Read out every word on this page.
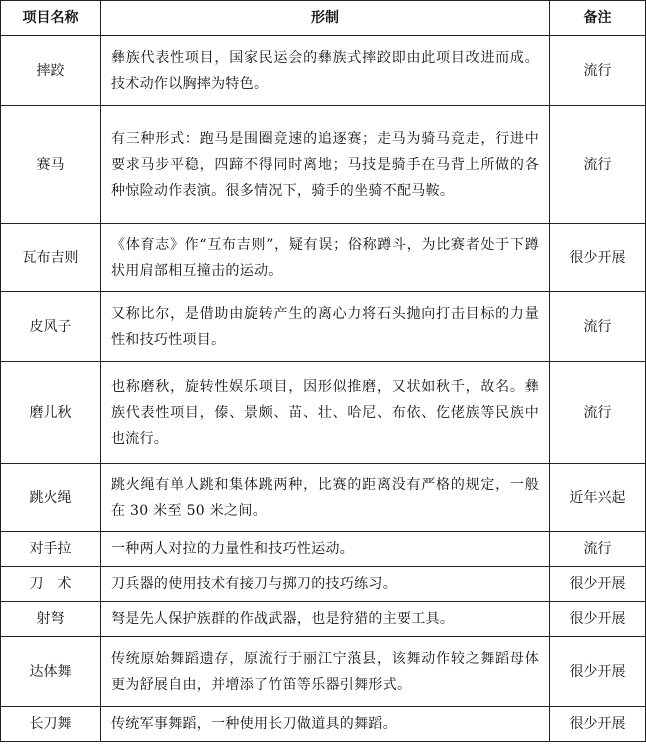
项目名称	形制	备注
摔跤	彝族代表性项目，国家民运会的彝族式摔跤即由此项目改进而成。技术动作以胸摔为特色。	流行
赛马	有三种形式：跑马是围圈竞速的追逐赛；走马为骑马竞走，行进中要求马步平稳，四蹄不得同时离地；马技是骑手在马背上所做的各种惊险动作表演。很多情况下，骑手的坐骑不配马鞍。	流行
瓦布吉则	《体育志》作“互布吉则”，疑有误；俗称蹲斗，为比赛者处于下蹲状用肩部相互撞击的运动。	很少开展
皮风子	又称比尔，是借助由旋转产生的离心力将石头抛向打击目标的力量性和技巧性项目。	流行
磨儿秋	也称磨秋，旋转性娱乐项目，因形似推磨，又状如秋千，故名。彝族代表性项目，傣、景颇、苗、壮、哈尼、布依、仡佬族等民族中也流行。	流行
跳火绳	跳火绳有单人跳和集体跳两种，比赛的距离没有严格的规定，一般在 30 米至 50 米之间。	近年兴起
对手拉	一种两人对拉的力量性和技巧性运动。	流行
刀　术	刀兵器的使用技术有接刀与掷刀的技巧练习。	很少开展
射弩	弩是先人保护族群的作战武器，也是狩猎的主要工具。	很少开展
达体舞	传统原始舞蹈遗存，原流行于丽江宁蒗县，该舞动作较之舞蹈母体更为舒展自由，并增添了竹笛等乐器引舞形式。	很少开展
长刀舞	传统军事舞蹈，一种使用长刀做道具的舞蹈。	很少开展
